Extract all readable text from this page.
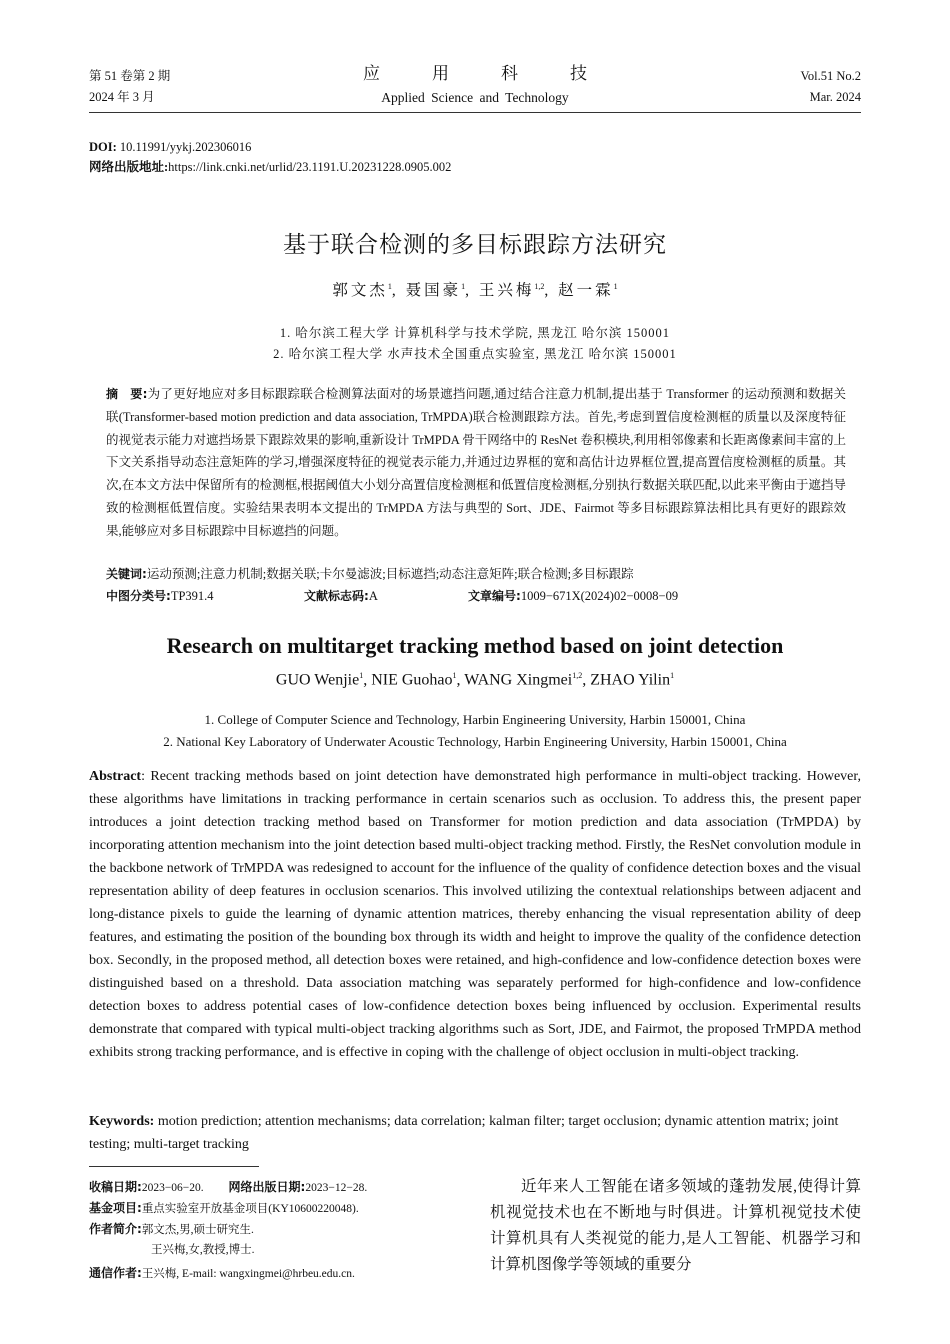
第 51 卷第 2 期
2024 年 3 月
应用科技
Applied Science and Technology
Vol.51 No.2
Mar. 2024
DOI: 10.11991/yykj.202306016
网络出版地址:https://link.cnki.net/urlid/23.1191.U.20231228.0905.002
基于联合检测的多目标跟踪方法研究
郭文杰$^1$, 聂国豪$^1$, 王兴梅$^{1,2}$, 赵一霖$^1$
1. 哈尔滨工程大学 计算机科学与技术学院, 黑龙江 哈尔滨 150001
2. 哈尔滨工程大学 水声技术全国重点实验室, 黑龙江 哈尔滨 150001
摘　要:为了更好地应对多目标跟踪联合检测算法面对的场景遮挡问题,通过结合注意力机制,提出基于 Transformer 的运动预测和数据关联(Transformer-based motion prediction and data association, TrMPDA)联合检测跟踪方法。首先,考虑到置信度检测框的质量以及深度特征的视觉表示能力对遮挡场景下跟踪效果的影响,重新设计 TrMPDA 骨干网络中的 ResNet 卷积模块,利用相邻像素和长距离像素间丰富的上下文关系指导动态注意矩阵的学习,增强深度特征的视觉表示能力,并通过边界框的宽和高估计边界框位置,提高置信度检测框的质量。其次,在本文方法中保留所有的检测框,根据阈值大小划分高置信度检测框和低置信度检测框,分别执行数据关联匹配,以此来平衡由于遮挡导致的检测框低置信度。实验结果表明本文提出的 TrMPDA 方法与典型的 Sort、JDE、Fairmot 等多目标跟踪算法相比具有更好的跟踪效果,能够应对多目标跟踪中目标遮挡的问题。
关键词:运动预测;注意力机制;数据关联;卡尔曼滤波;目标遮挡;动态注意矩阵;联合检测;多目标跟踪
中图分类号:TP391.4	文献标志码:A	文章编号:1009−671X(2024)02−0008−09
Research on multitarget tracking method based on joint detection
GUO Wenjie$^1$, NIE Guohao$^1$, WANG Xingmei$^{1,2}$, ZHAO Yilin$^1$
1. College of Computer Science and Technology, Harbin Engineering University, Harbin 150001, China
2. National Key Laboratory of Underwater Acoustic Technology, Harbin Engineering University, Harbin 150001, China
Abstract: Recent tracking methods based on joint detection have demonstrated high performance in multi-object tracking. However, these algorithms have limitations in tracking performance in certain scenarios such as occlusion. To address this, the present paper introduces a joint detection tracking method based on Transformer for motion prediction and data association (TrMPDA) by incorporating attention mechanism into the joint detection based multi-object tracking method. Firstly, the ResNet convolution module in the backbone network of TrMPDA was redesigned to account for the influence of the quality of confidence detection boxes and the visual representation ability of deep features in occlusion scenarios. This involved utilizing the contextual relationships between adjacent and long-distance pixels to guide the learning of dynamic attention matrices, thereby enhancing the visual representation ability of deep features, and estimating the position of the bounding box through its width and height to improve the quality of the confidence detection box. Secondly, in the proposed method, all detection boxes were retained, and high-confidence and low-confidence detection boxes were distinguished based on a threshold. Data association matching was separately performed for high-confidence and low-confidence detection boxes to address potential cases of low-confidence detection boxes being influenced by occlusion. Experimental results demonstrate that compared with typical multi-object tracking algorithms such as Sort, JDE, and Fairmot, the proposed TrMPDA method exhibits strong tracking performance, and is effective in coping with the challenge of object occlusion in multi-object tracking.
Keywords: motion prediction; attention mechanisms; data correlation; kalman filter; target occlusion; dynamic attention matrix; joint testing; multi-target tracking
收稿日期:2023−06−20. 网络出版日期:2023−12−28.
基金项目:重点实验室开放基金项目(KY10600220048).
作者简介:郭文杰,男,硕士研究生.
王兴梅,女,教授,博士.
通信作者:王兴梅, E-mail: wangxingmei@hrbeu.edu.cn.
近年来人工智能在诸多领域的蓬勃发展,使得计算机视觉技术也在不断地与时俱进。计算机视觉技术使计算机具有人类视觉的能力,是人工智能、机器学习和计算机图像学等领域的重要分
